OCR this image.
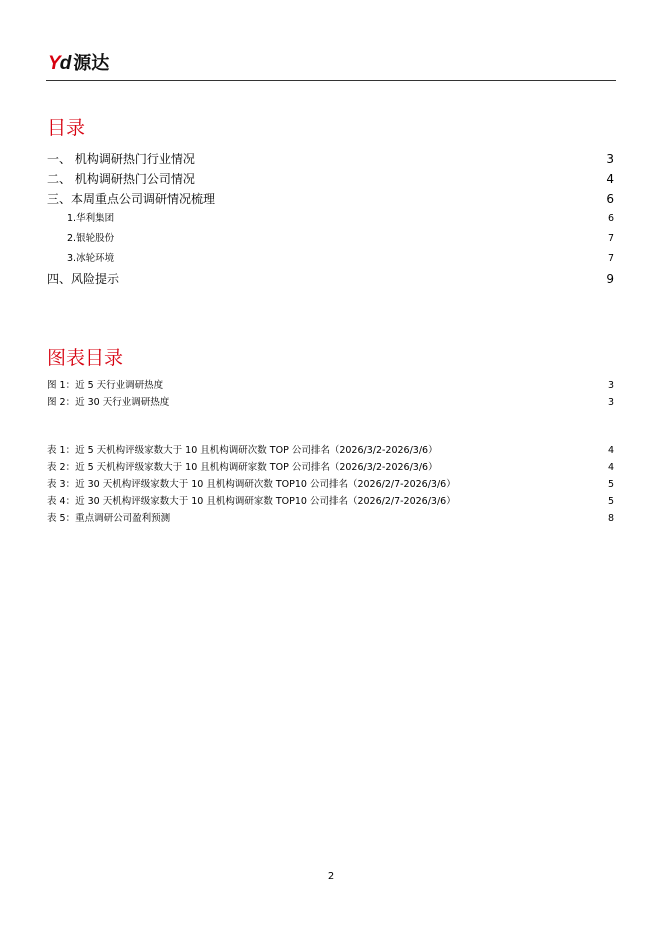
Yd 源达
目录
一、 机构调研热门行业情况 .....	3
二、 机构调研热门公司情况 .....	4
三、本周重点公司调研情况梳理 .....	6
1.华利集团 .....	6
2.银轮股份 .....	7
3.冰轮环境 .....	7
四、风险提示 .....	9
图表目录
图 1：近 5 天行业调研热度 .....	3
图 2：近 30 天行业调研热度 .....	3
表 1：近 5 天机构评级家数大于 10 且机构调研次数 TOP 公司排名（2026/3/2-2026/3/6） .....	4
表 2：近 5 天机构评级家数大于 10 且机构调研家数 TOP 公司排名（2026/3/2-2026/3/6） .....	4
表 3：近 30 天机构评级家数大于 10 且机构调研次数 TOP10 公司排名（2026/2/7-2026/3/6） .....	5
表 4：近 30 天机构评级家数大于 10 且机构调研家数 TOP10 公司排名（2026/2/7-2026/3/6） .....	5
表 5：重点调研公司盈利预测 .....	8
2
